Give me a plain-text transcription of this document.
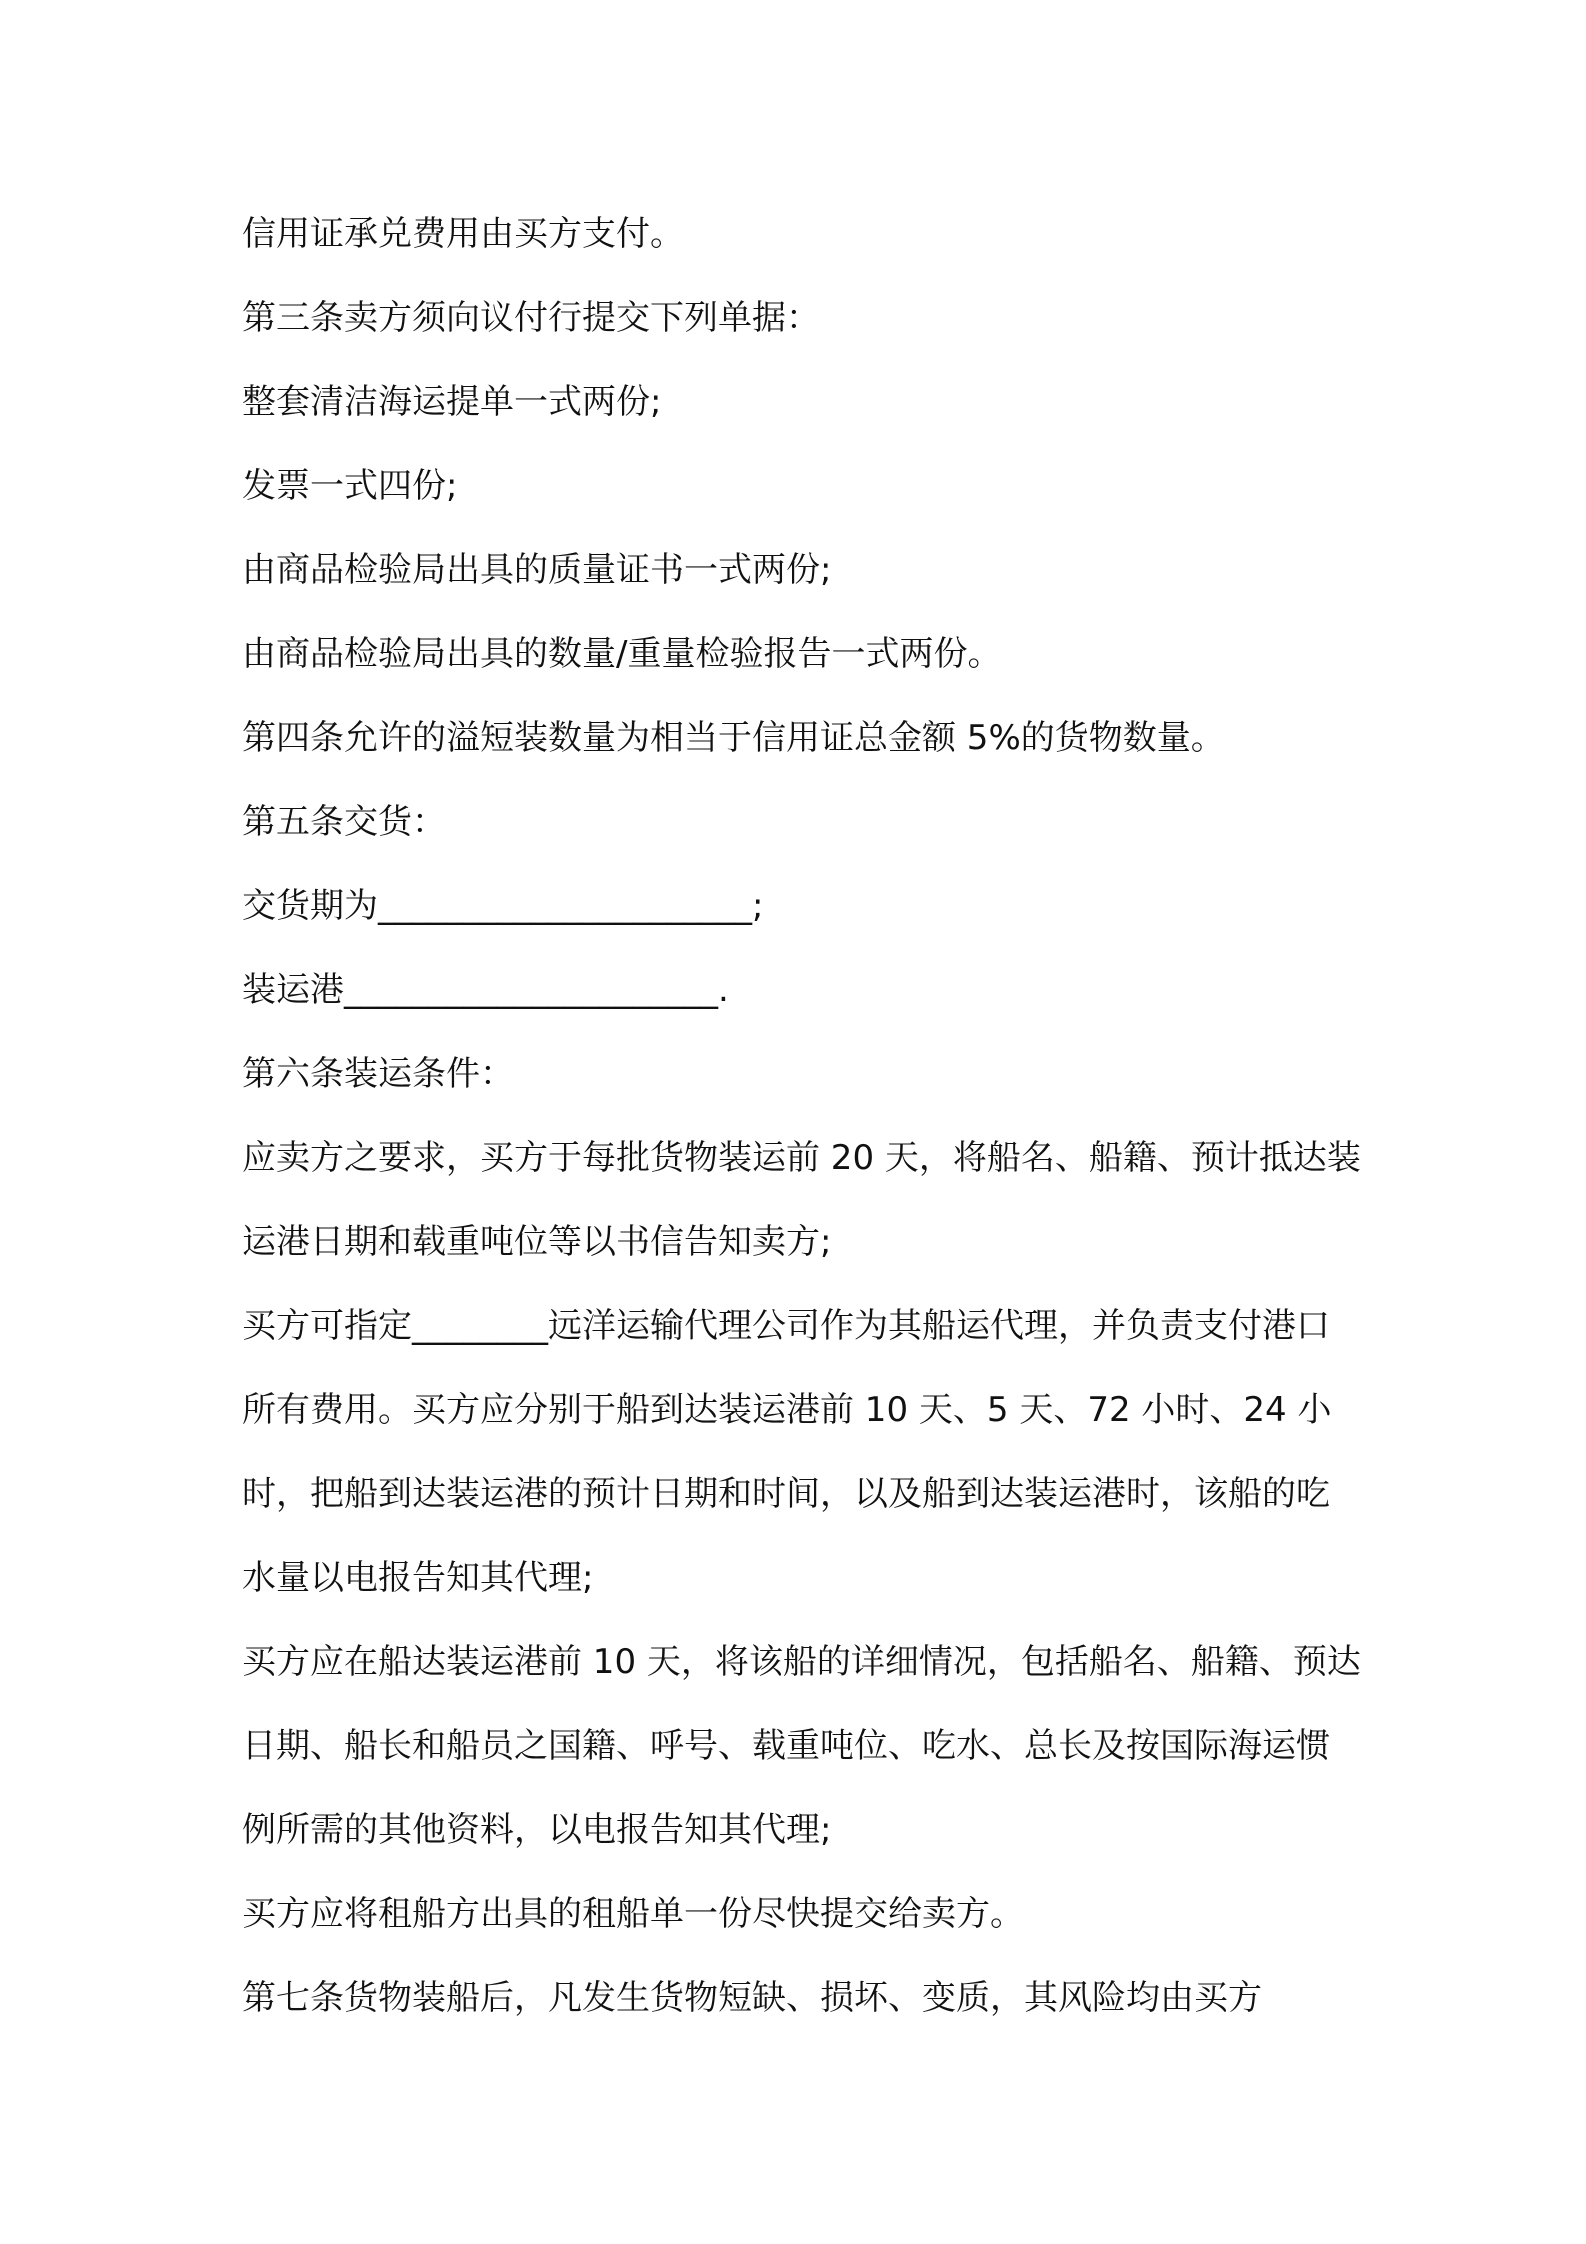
信用证承兑费用由买方支付。

第三条卖方须向议付行提交下列单据：

整套清洁海运提单一式两份;

发票一式四份;

由商品检验局出具的质量证书一式两份;

由商品检验局出具的数量/重量检验报告一式两份。

第四条允许的溢短装数量为相当于信用证总金额 5%的货物数量。

第五条交货：

交货期为______________________;

装运港______________________.

第六条装运条件：

应卖方之要求，买方于每批货物装运前 20 天，将船名、船籍、预计抵达装运港日期和载重吨位等以书信告知卖方;

买方可指定________远洋运输代理公司作为其船运代理，并负责支付港口所有费用。买方应分别于船到达装运港前 10 天、5 天、72 小时、24 小时，把船到达装运港的预计日期和时间，以及船到达装运港时，该船的吃水量以电报告知其代理;

买方应在船达装运港前 10 天，将该船的详细情况，包括船名、船籍、预达日期、船长和船员之国籍、呼号、载重吨位、吃水、总长及按国际海运惯例所需的其他资料，以电报告知其代理;

买方应将租船方出具的租船单一份尽快提交给卖方。

第七条货物装船后，凡发生货物短缺、损坏、变质，其风险均由买方
